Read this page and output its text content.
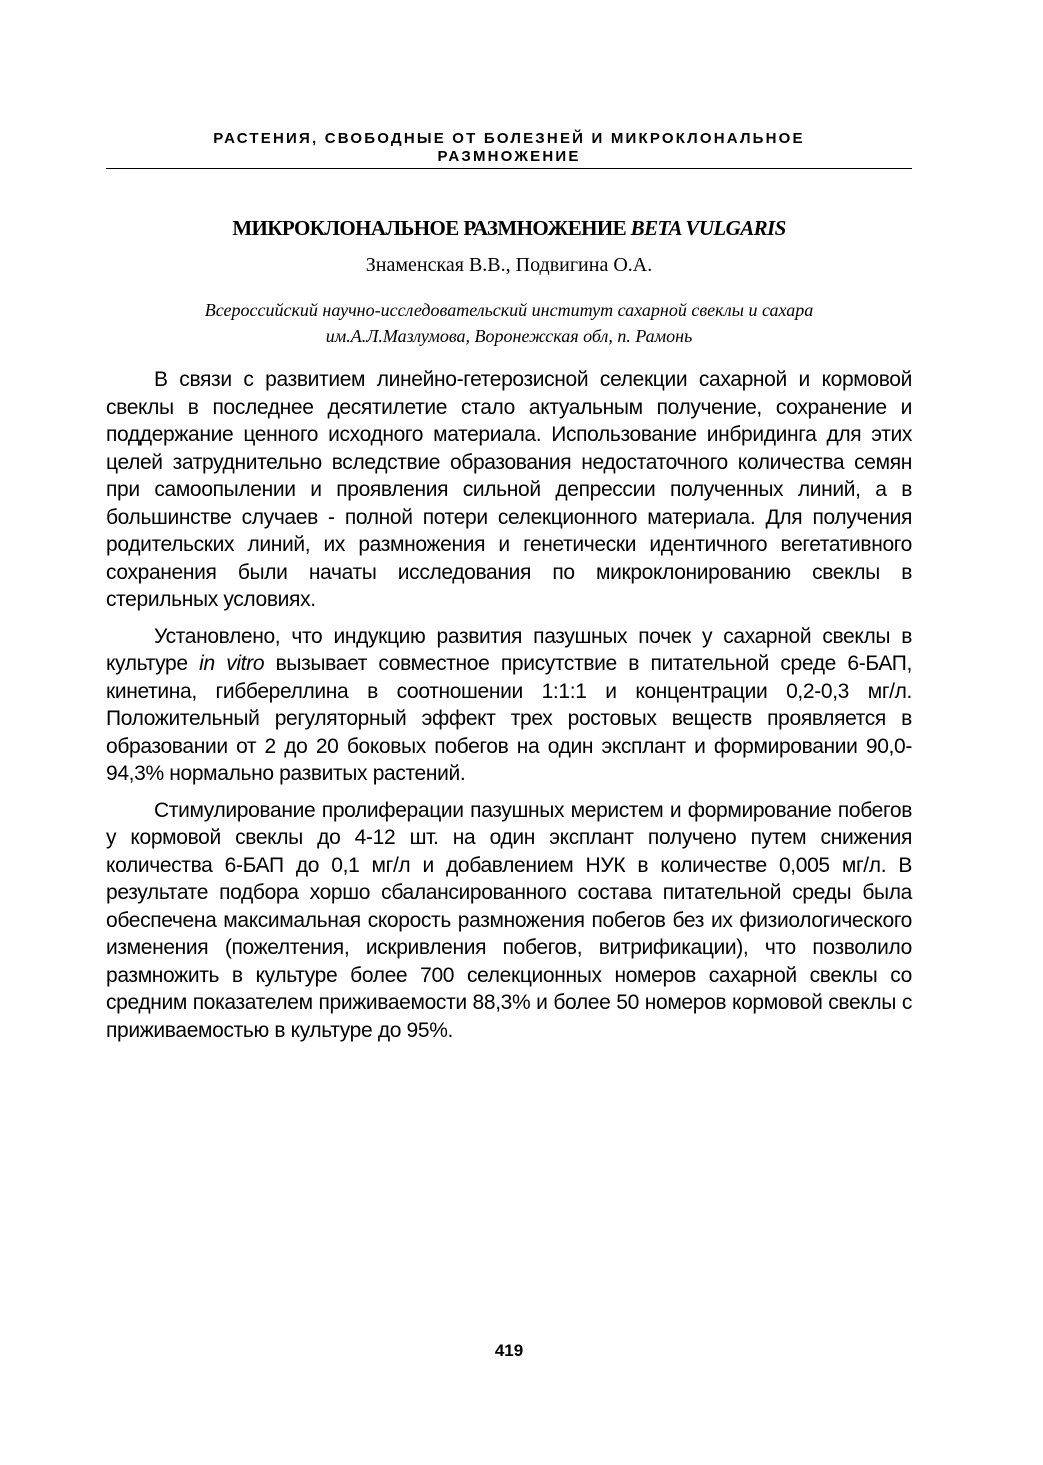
РАСТЕНИЯ, СВОБОДНЫЕ ОТ БОЛЕЗНЕЙ И МИКРОКЛОНАЛЬНОЕ
РАЗМНОЖЕНИЕ
МИКРОКЛОНАЛЬНОЕ РАЗМНОЖЕНИЕ BETA VULGARIS
Знаменская В.В., Подвигина О.А.
Всероссийский научно-исследовательский институт сахарной свеклы и сахара
им.А.Л.Мазлумова, Воронежская обл, п. Рамонь

В связи с развитием линейно-гетерозисной селекции сахарной и кормовой свеклы в последнее десятилетие стало актуальным получение, сохранение и поддержание ценного исходного материала. Использование инбридинга для этих целей затруднительно вследствие образования недостаточного количества семян при самоопылении и проявления сильной депрессии полученных линий, а в большинстве случаев - полной потери селекционного материала. Для получения родительских линий, их размножения и генетически идентичного вегетативного сохранения были начаты исследования по микроклонированию свеклы в стерильных условиях.

Установлено, что индукцию развития пазушных почек у сахарной свеклы в культуре in vitro вызывает совместное присутствие в питательной среде 6-БАП, кинетина, гиббереллина в соотношении 1:1:1 и концентрации 0,2-0,3 мг/л. Положительный регуляторный эффект трех ростовых веществ проявляется в образовании от 2 до 20 боковых побегов на один эксплант и формировании 90,0-94,3% нормально развитых растений.

Стимулирование пролиферации пазушных меристем и формирование побегов у кормовой свеклы до 4-12 шт. на один эксплант получено путем снижения количества 6-БАП до 0,1 мг/л и добавлением НУК в количестве 0,005 мг/л. В результате подбора хоршо сбалансированного состава питательной среды была обеспечена максимальная скорость размножения побегов без их физиологического изменения (пожелтения, искривления побегов, витрификации), что позволило размножить в культуре более 700 селекционных номеров сахарной свеклы со средним показателем приживаемости 88,3% и более 50 номеров кормовой свеклы с приживаемостью в культуре до 95%.

419
